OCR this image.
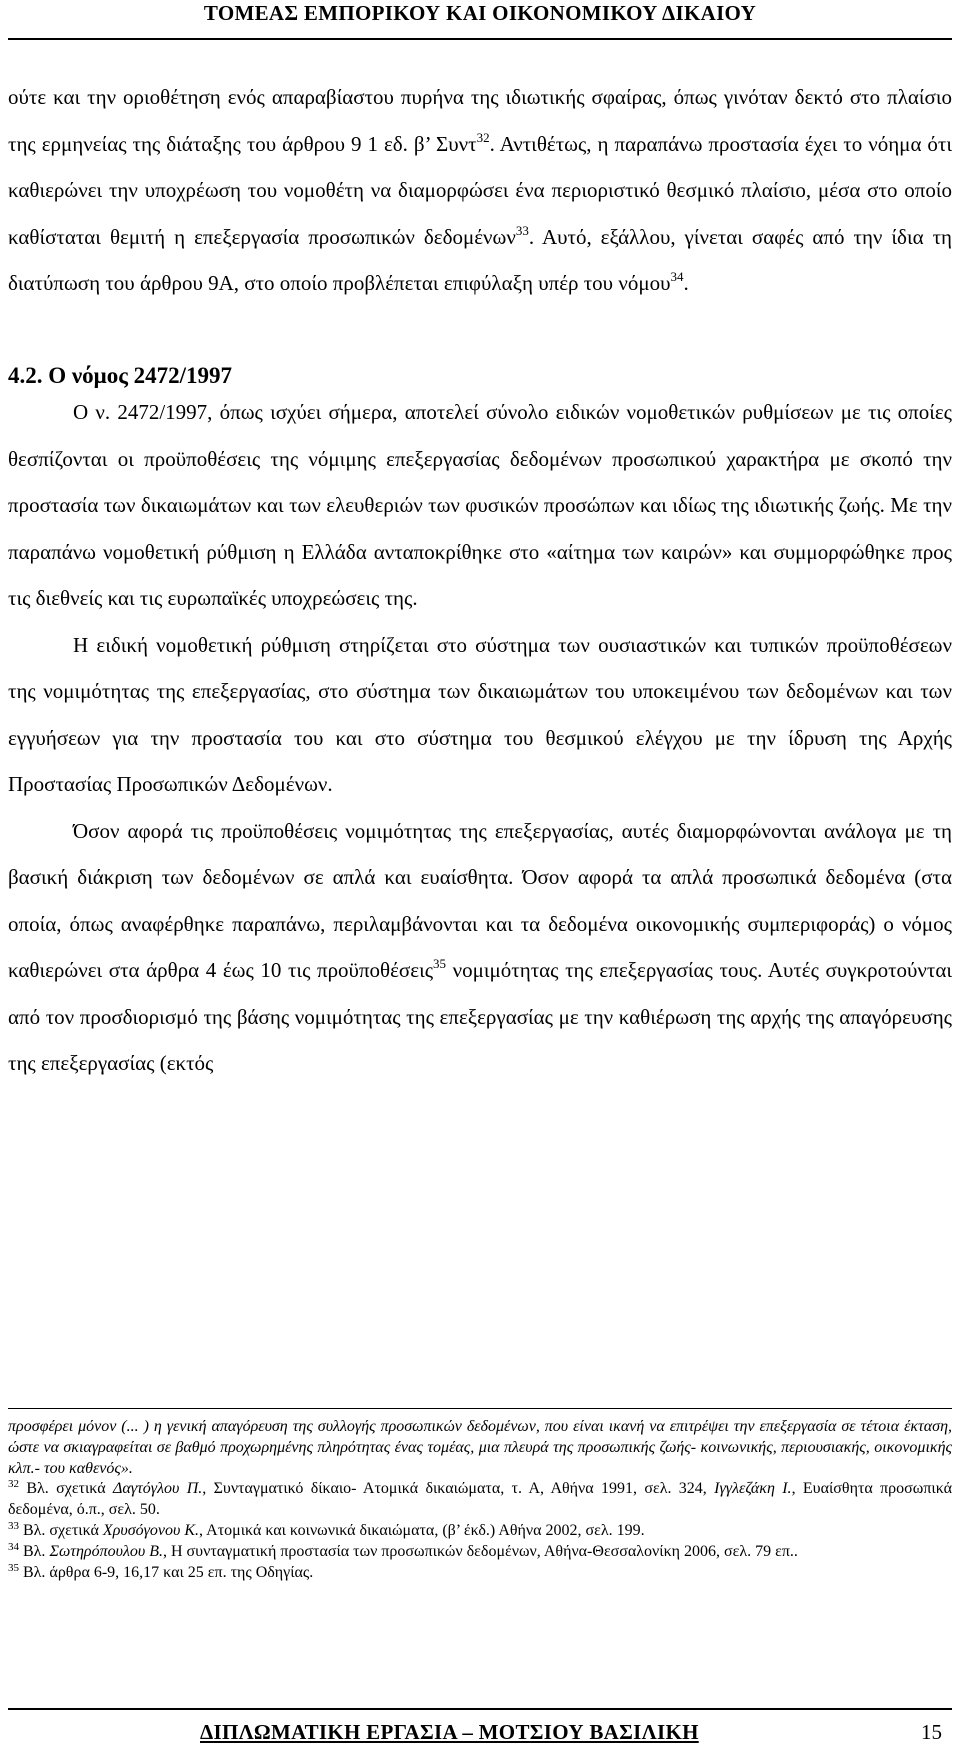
ΤΟΜΕΑΣ ΕΜΠΟΡΙΚΟΥ ΚΑΙ ΟΙΚΟΝΟΜΙΚΟΥ ΔΙΚΑΙΟΥ

ούτε και την οριοθέτηση ενός απαραβίαστου πυρήνα της ιδιωτικής σφαίρας, όπως γινόταν δεκτό στο πλαίσιο της ερμηνείας της διάταξης του άρθρου 9 1 εδ. β’ Συντ$^{32}$. Αντιθέτως, η παραπάνω προστασία έχει το νόημα ότι καθιερώνει την υποχρέωση του νομοθέτη να διαμορφώσει ένα περιοριστικό θεσμικό πλαίσιο, μέσα στο οποίο καθίσταται θεμιτή η επεξεργασία προσωπικών δεδομένων$^{33}$. Αυτό, εξάλλου, γίνεται σαφές από την ίδια τη διατύπωση του άρθρου 9Α, στο οποίο προβλέπεται επιφύλαξη υπέρ του νόμου$^{34}$.

4.2. Ο νόμος 2472/1997

Ο ν. 2472/1997, όπως ισχύει σήμερα, αποτελεί σύνολο ειδικών νομοθετικών ρυθμίσεων με τις οποίες θεσπίζονται οι προϋποθέσεις της νόμιμης επεξεργασίας δεδομένων προσωπικού χαρακτήρα με σκοπό την προστασία των δικαιωμάτων και των ελευθεριών των φυσικών προσώπων και ιδίως της ιδιωτικής ζωής. Με την παραπάνω νομοθετική ρύθμιση η Ελλάδα ανταποκρίθηκε στο «αίτημα των καιρών» και συμμορφώθηκε προς τις διεθνείς και τις ευρωπαϊκές υποχρεώσεις της.

Η ειδική νομοθετική ρύθμιση στηρίζεται στο σύστημα των ουσιαστικών και τυπικών προϋποθέσεων της νομιμότητας της επεξεργασίας, στο σύστημα των δικαιωμάτων του υποκειμένου των δεδομένων και των εγγυήσεων για την προστασία του και στο σύστημα του θεσμικού ελέγχου με την ίδρυση της Αρχής Προστασίας Προσωπικών Δεδομένων.

Όσον αφορά τις προϋποθέσεις νομιμότητας της επεξεργασίας, αυτές διαμορφώνονται ανάλογα με τη βασική διάκριση των δεδομένων σε απλά και ευαίσθητα. Όσον αφορά τα απλά προσωπικά δεδομένα (στα οποία, όπως αναφέρθηκε παραπάνω, περιλαμβάνονται και τα δεδομένα οικονομικής συμπεριφοράς) ο νόμος καθιερώνει στα άρθρα 4 έως 10 τις προϋποθέσεις$^{35}$ νομιμότητας της επεξεργασίας τους. Αυτές συγκροτούνται από τον προσδιορισμό της βάσης νομιμότητας της επεξεργασίας με την καθιέρωση της αρχής της απαγόρευσης της επεξεργασίας (εκτός

προσφέρει μόνον (... ) η γενική απαγόρευση της συλλογής προσωπικών δεδομένων, που είναι ικανή να επιτρέψει την επεξεργασία σε τέτοια έκταση, ώστε να σκιαγραφείται σε βαθμό προχωρημένης πληρότητας ένας τομέας, μια πλευρά της προσωπικής ζωής- κοινωνικής, περιουσιακής, οικονομικής κλπ.- του καθενός».

$^{32}$ Βλ. σχετικά Δαγτόγλου Π., Συνταγματικό δίκαιο- Ατομικά δικαιώματα, τ. Α, Αθήνα 1991, σελ. 324, Ιγγλεζάκη Ι., Ευαίσθητα προσωπικά δεδομένα, ό.π., σελ. 50.

$^{33}$ Βλ. σχετικά Χρυσόγονου Κ., Ατομικά και κοινωνικά δικαιώματα, (β’ έκδ.) Αθήνα 2002, σελ. 199.

$^{34}$ Βλ. Σωτηρόπουλου Β., Η συνταγματική προστασία των προσωπικών δεδομένων, Αθήνα-Θεσσαλονίκη 2006, σελ. 79 επ..

$^{35}$ Βλ. άρθρα 6-9, 16,17 και 25 επ. της Οδηγίας.

ΔΙΠΛΩΜΑΤΙΚΗ ΕΡΓΑΣΙΑ – ΜΟΤΣΙΟΥ ΒΑΣΙΛΙΚΗ	15
